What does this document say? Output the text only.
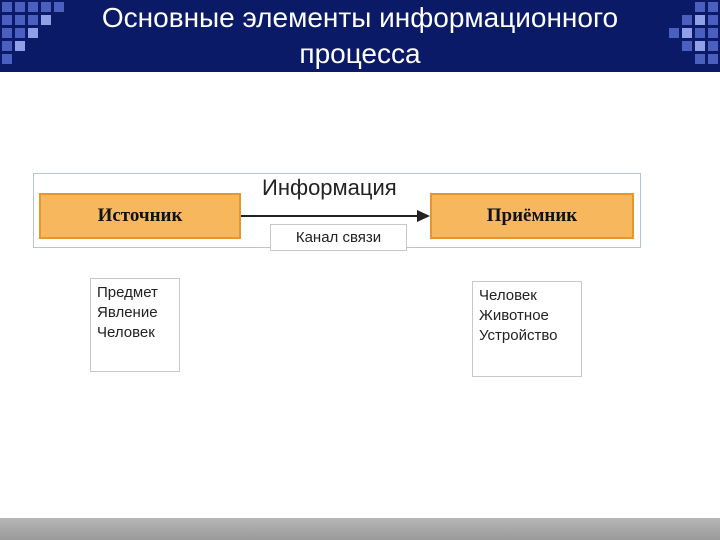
Основные элементы информационного
процесса
Информация
Источник	Приёмник
Канал связи
Предмет
Явление
Человек
Человек
Животное
Устройство
